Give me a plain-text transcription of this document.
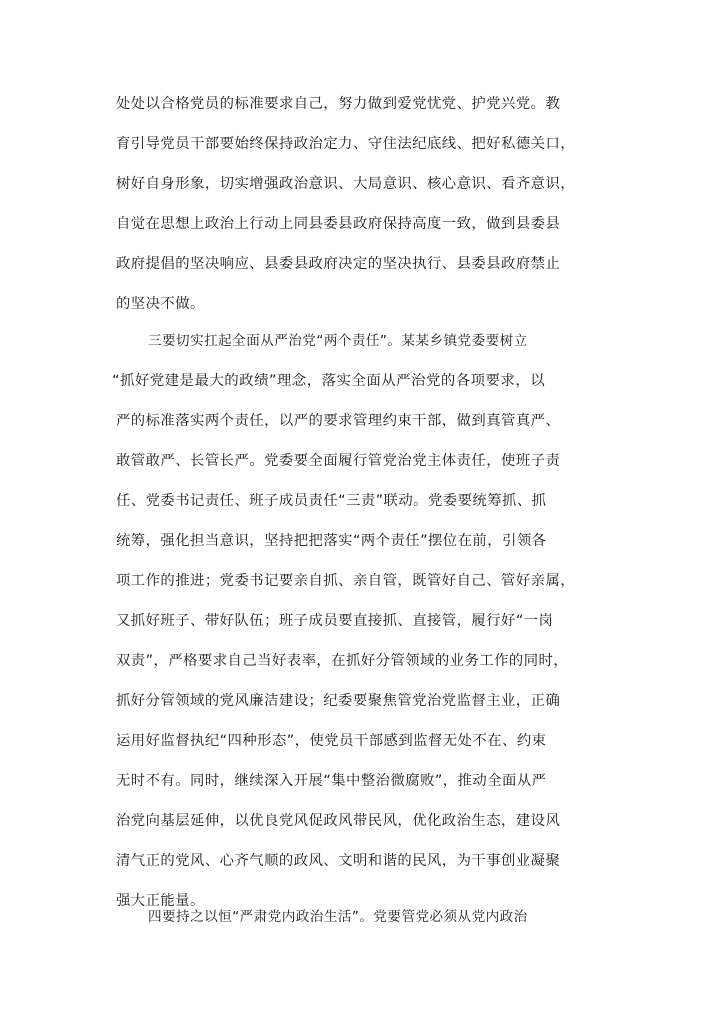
处处以合格党员的标准要求自己，努力做到爱党忧党、护党兴党。教
育引导党员干部要始终保持政治定力、守住法纪底线、把好私德关口，
树好自身形象，切实增强政治意识、大局意识、核心意识、看齐意识，
自觉在思想上政治上行动上同县委县政府保持高度一致，做到县委县
政府提倡的坚决响应、县委县政府决定的坚决执行、县委县政府禁止
的坚决不做。
三要切实扛起全面从严治党“两个责任”。某某乡镇党委要树立
“抓好党建是最大的政绩”理念，落实全面从严治党的各项要求，以
严的标准落实两个责任，以严的要求管理约束干部，做到真管真严、
敢管敢严、长管长严。党委要全面履行管党治党主体责任，使班子责
任、党委书记责任、班子成员责任“三责”联动。党委要统筹抓、抓
统筹，强化担当意识，坚持把把落实“两个责任”摆位在前，引领各
项工作的推进；党委书记要亲自抓、亲自管，既管好自己、管好亲属，
又抓好班子、带好队伍；班子成员要直接抓、直接管，履行好“一岗
双责”，严格要求自己当好表率，在抓好分管领域的业务工作的同时，
抓好分管领域的党风廉洁建设；纪委要聚焦管党治党监督主业，正确
运用好监督执纪“四种形态”，使党员干部感到监督无处不在、约束
无时不有。同时，继续深入开展“集中整治微腐败”，推动全面从严
治党向基层延伸，以优良党风促政风带民风，优化政治生态，建设风
清气正的党风、心齐气顺的政风、文明和谐的民风，为干事创业凝聚
强大正能量。
四要持之以恒“严肃党内政治生活”。党要管党必须从党内政治
